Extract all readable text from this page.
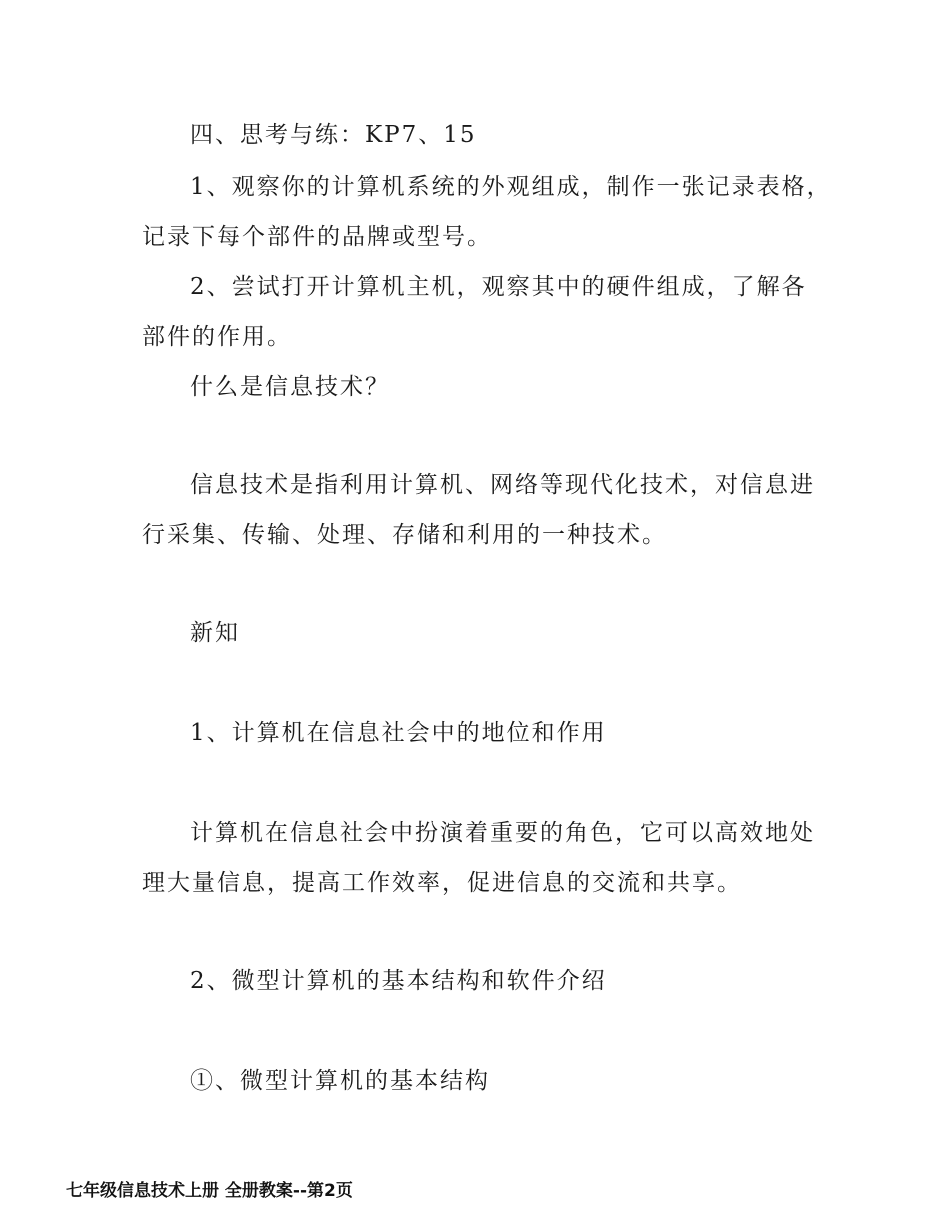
四、思考与练：KP7、15
1、观察你的计算机系统的外观组成，制作一张记录表格，
记录下每个部件的品牌或型号。
2、尝试打开计算机主机，观察其中的硬件组成，了解各
部件的作用。
什么是信息技术？
信息技术是指利用计算机、网络等现代化技术，对信息进
行采集、传输、处理、存储和利用的一种技术。
新知
1、计算机在信息社会中的地位和作用
计算机在信息社会中扮演着重要的角色，它可以高效地处
理大量信息，提高工作效率，促进信息的交流和共享。
2、微型计算机的基本结构和软件介绍
①、微型计算机的基本结构
七年级信息技术上册 全册教案--第2页
